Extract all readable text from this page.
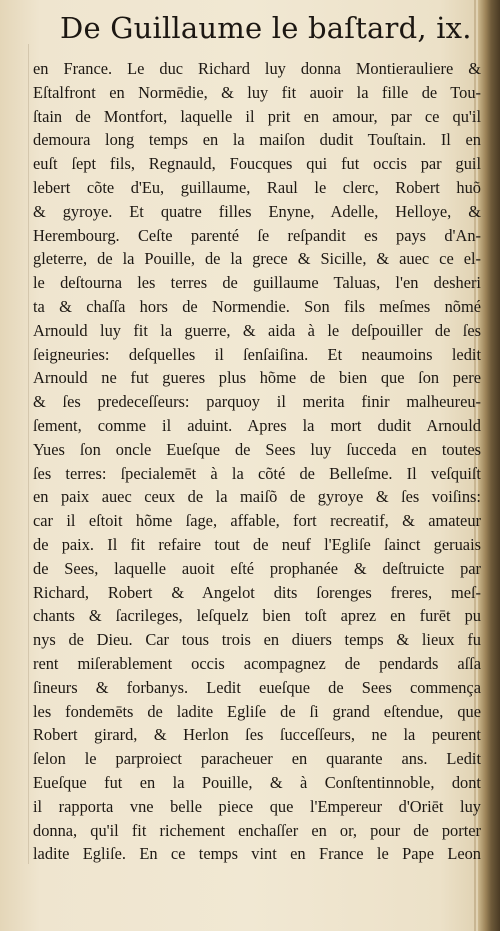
De Guillaume le baſtard, ix.
en France. Le duc Richard luy donna Montierauliere &
Eſtalfront en Normēdie, & luy fit auoir la fille de Tou-
ſtain de Montfort, laquelle il prit en amour, par ce qu'il
demoura long temps en la maiſon dudit Touſtain. Il en
euſt ſept fils, Regnauld, Foucques qui fut occis par guil
lebert cõte d'Eu, guillaume, Raul le clerc, Robert huõ
& gyroye. Et quatre filles Enyne, Adelle, Helloye, &
Herembourg. Ceſte parenté ſe reſpandit es pays d'An-
gleterre, de la Pouille, de la grece & Sicille, & auec ce el-
le deſtourna les terres de guillaume Taluas, l'en desheri
ta & chaſſa hors de Normendie. Son fils meſmes nõmé
Arnould luy fit la guerre, & aida à le deſpouiller de ſes
ſeigneuries: deſquelles il ſenſaiſina. Et neaumoins ledit
Arnould ne fut gueres plus hõme de bien que ſon pere
& ſes predeceſſeurs: parquoy il merita finir malheureu-
ſement, comme il aduint. Apres la mort dudit Arnould
Yues ſon oncle Eueſque de Sees luy ſucceda en toutes
ſes terres: ſpecialemēt à la cõté de Belleſme. Il veſquiſt
en paix auec ceux de la maiſõ de gyroye & ſes voiſins:
car il eſtoit hõme ſage, affable, fort recreatif, & amateur
de paix. Il fit refaire tout de neuf l'Egliſe ſainct geruais
de Sees, laquelle auoit eſté prophanée & deſtruicte par
Richard, Robert & Angelot dits ſorenges freres, meſ-
chants & ſacrileges, leſquelz bien toſt aprez en furēt pu
nys de Dieu. Car tous trois en diuers temps & lieux fu
rent miſerablement occis acompagnez de pendards aſſa
ſineurs & forbanys. Ledit eueſque de Sees commença
les fondemēts de ladite Egliſe de ſi grand eſtendue, que
Robert girard, & Herlon ſes ſucceſſeurs, ne la peurent
ſelon le parproiect paracheuer en quarante ans. Ledit
Eueſque fut en la Pouille, & à Conſtentinnoble, dont
il rapporta vne belle piece que l'Empereur d'Oriēt luy
donna, qu'il fit richement enchaſſer en or, pour de porter
ladite Egliſe. En ce temps vint en France le Pape Leon
